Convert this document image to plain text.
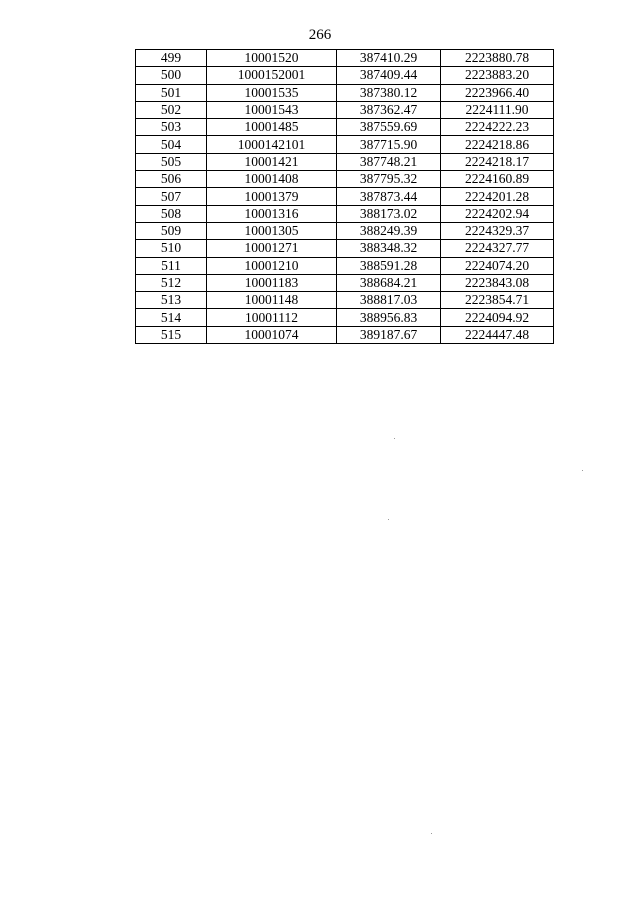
266
499	10001520	387410.29	2223880.78
500	1000152001	387409.44	2223883.20
501	10001535	387380.12	2223966.40
502	10001543	387362.47	2224111.90
503	10001485	387559.69	2224222.23
504	1000142101	387715.90	2224218.86
505	10001421	387748.21	2224218.17
506	10001408	387795.32	2224160.89
507	10001379	387873.44	2224201.28
508	10001316	388173.02	2224202.94
509	10001305	388249.39	2224329.37
510	10001271	388348.32	2224327.77
511	10001210	388591.28	2224074.20
512	10001183	388684.21	2223843.08
513	10001148	388817.03	2223854.71
514	10001112	388956.83	2224094.92
515	10001074	389187.67	2224447.48
